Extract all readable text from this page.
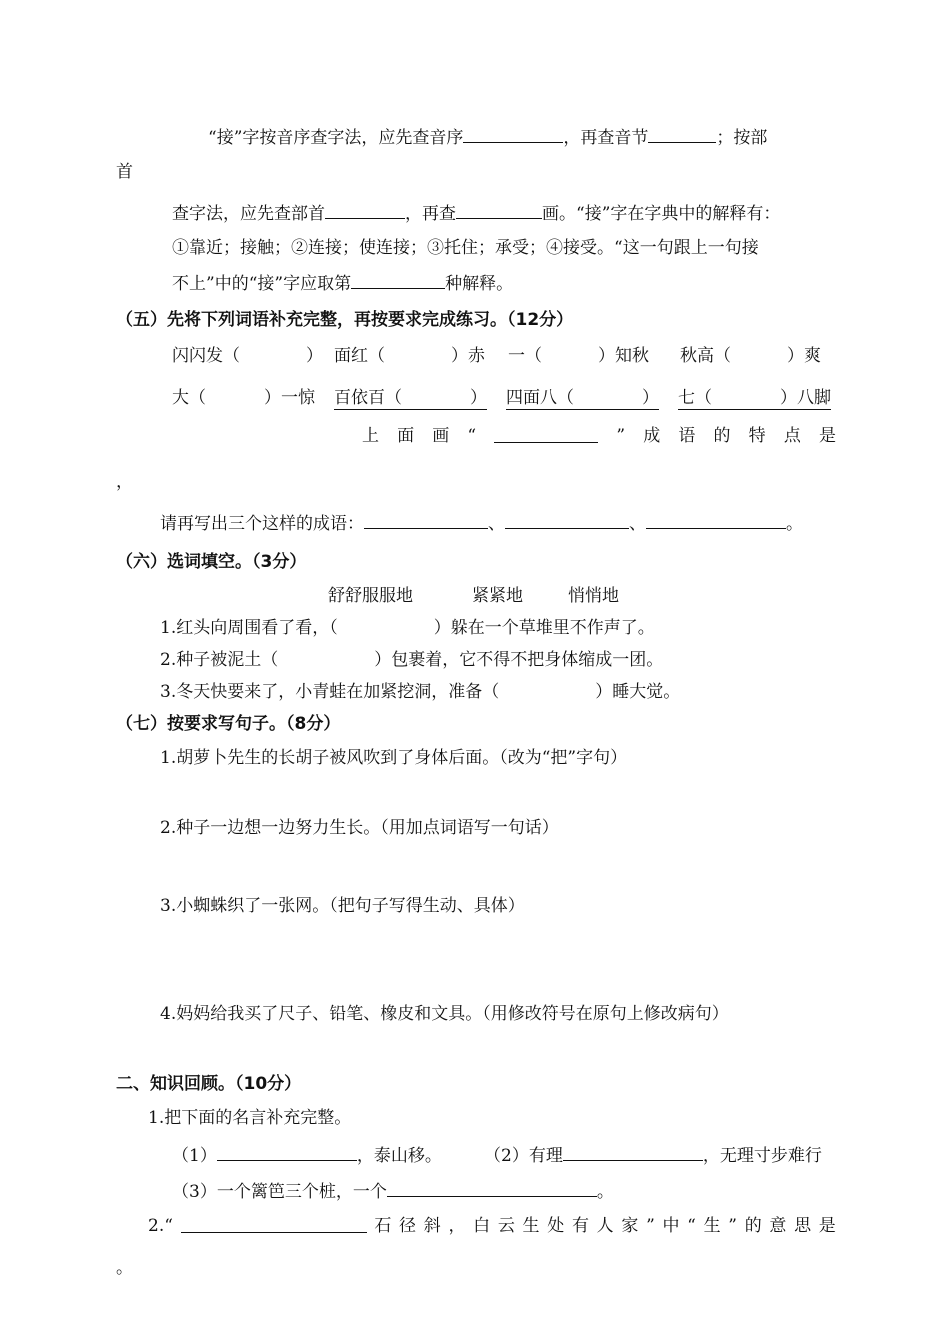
“接”字按音序查字法，应先查音序	，再查音节	；按部
首
查字法，应先查部首	，再查	画。“接”字在字典中的解释有：
①靠近；接触；②连接；使连接；③托住；承受；④接受。“这一句跟上一句接
不上”中的“接”字应取第	种解释。
（五）先将下列词语补充完整，再按要求完成练习。（12分）
闪闪发（	） 面红（	）赤 一（	）知秋 秋高（	）爽
大（	）一惊 百依百（　　　　） 四面八（　　　　） 七（　　　　）八脚
上 面 画 “	” 成 语 的 特 点 是
，
请再写出三个这样的成语：	、	、	。
（六）选词填空。（3分）
舒舒服服地	紧紧地	悄悄地
1.红头向周围看了看，（	）躲在一个草堆里不作声了。
2.种子被泥土（	）包裹着，它不得不把身体缩成一团。
3.冬天快要来了，小青蛙在加紧挖洞，准备（	）睡大觉。
（七）按要求写句子。（8分）
1.胡萝卜先生的长胡子被风吹到了身体后面。（改为“把”字句）
2.种子一边想一边努力生长。（用加点词语写一句话）
3.小蜘蛛织了一张网。（把句子写得生动、具体）
4.妈妈给我买了尺子、铅笔、橡皮和文具。（用修改符号在原句上修改病句）
二、知识回顾。（10分）
1.把下面的名言补充完整。
（1）	，泰山移。 （2）有理	，无理寸步难行
（3）一个篱笆三个桩，一个	。
2.“	石 径 斜 ， 白 云 生 处 有 人 家 ” 中 “ 生 ” 的 意 思 是
。
